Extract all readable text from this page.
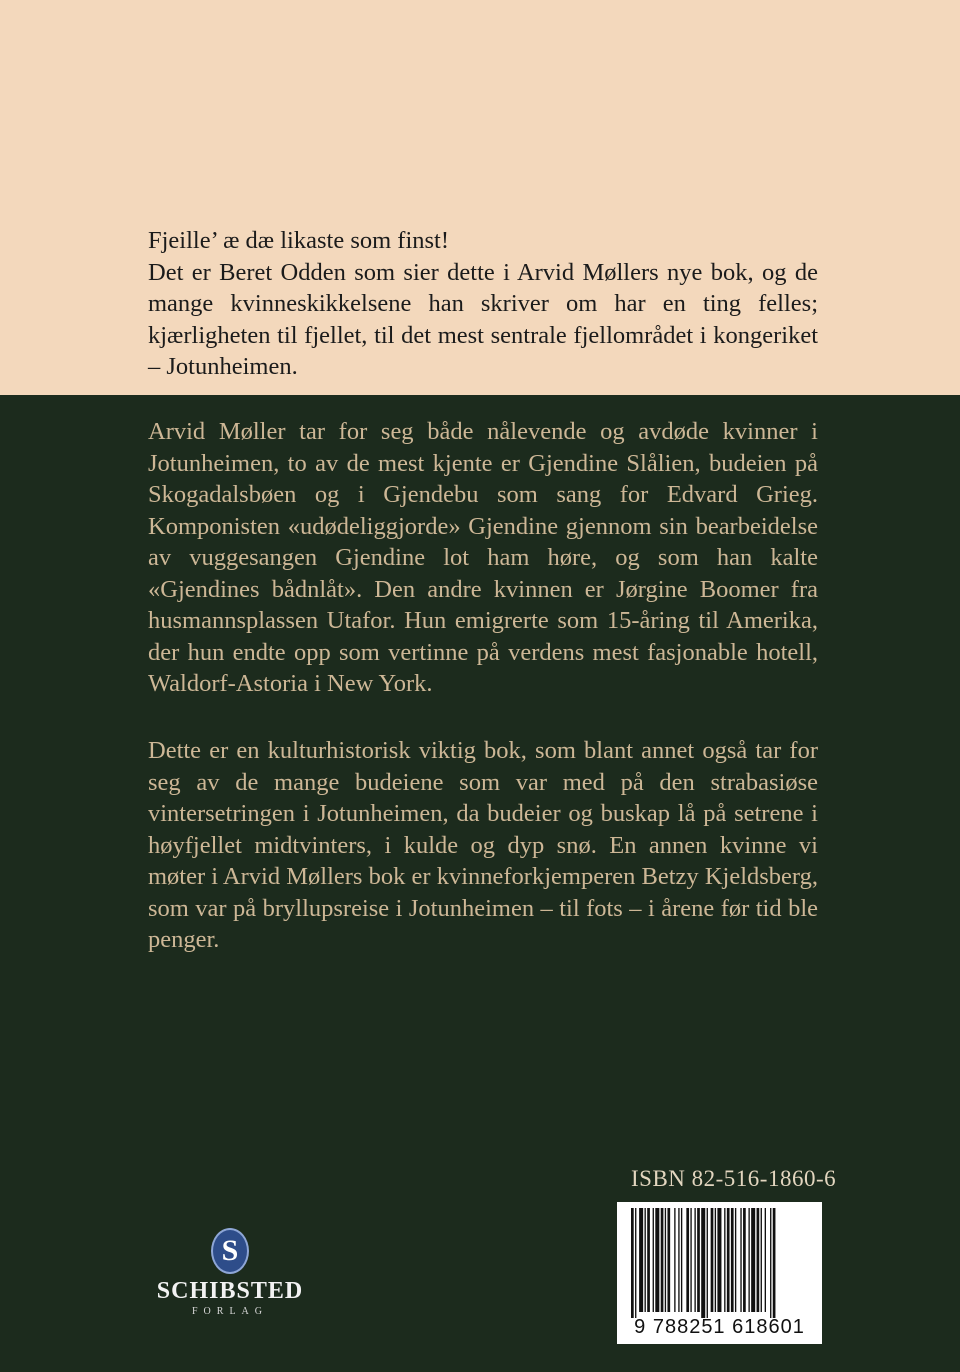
Fjeille’ æ dæ likaste som finst!

Det er Beret Odden som sier dette i Arvid Møllers nye bok, og de mange kvinneskikkelsene han skriver om har en ting felles; kjærligheten til fjellet, til det mest sentrale fjellområdet i kongeriket – Jotunheimen.

Arvid Møller tar for seg både nålevende og avdøde kvinner i Jotunheimen, to av de mest kjente er Gjendine Slålien, budeien på Skogadalsbøen og i Gjendebu som sang for Edvard Grieg. Komponisten «udødeliggjorde» Gjendine gjennom sin bearbeidelse av vuggesangen Gjendine lot ham høre, og som han kalte «Gjendines bådnlåt». Den andre kvinnen er Jørgine Boomer fra husmannsplassen Utafor. Hun emigrerte som 15-åring til Amerika, der hun endte opp som vertinne på verdens mest fasjonable hotell, Waldorf-Astoria i New York.

Dette er en kulturhistorisk viktig bok, som blant annet også tar for seg av de mange budeiene som var med på den strabasiøse vintersetringen i Jotunheimen, da budeier og buskap lå på setrene i høyfjellet midtvinters, i kulde og dyp snø. En annen kvinne vi møter i Arvid Møllers bok er kvinneforkjemperen Betzy Kjeldsberg, som var på bryllupsreise i Jotunheimen – til fots – i årene før tid ble penger.

S
SCHIBSTED
FORLAG
ISBN 82-516-1860-6
9 788251 618601
